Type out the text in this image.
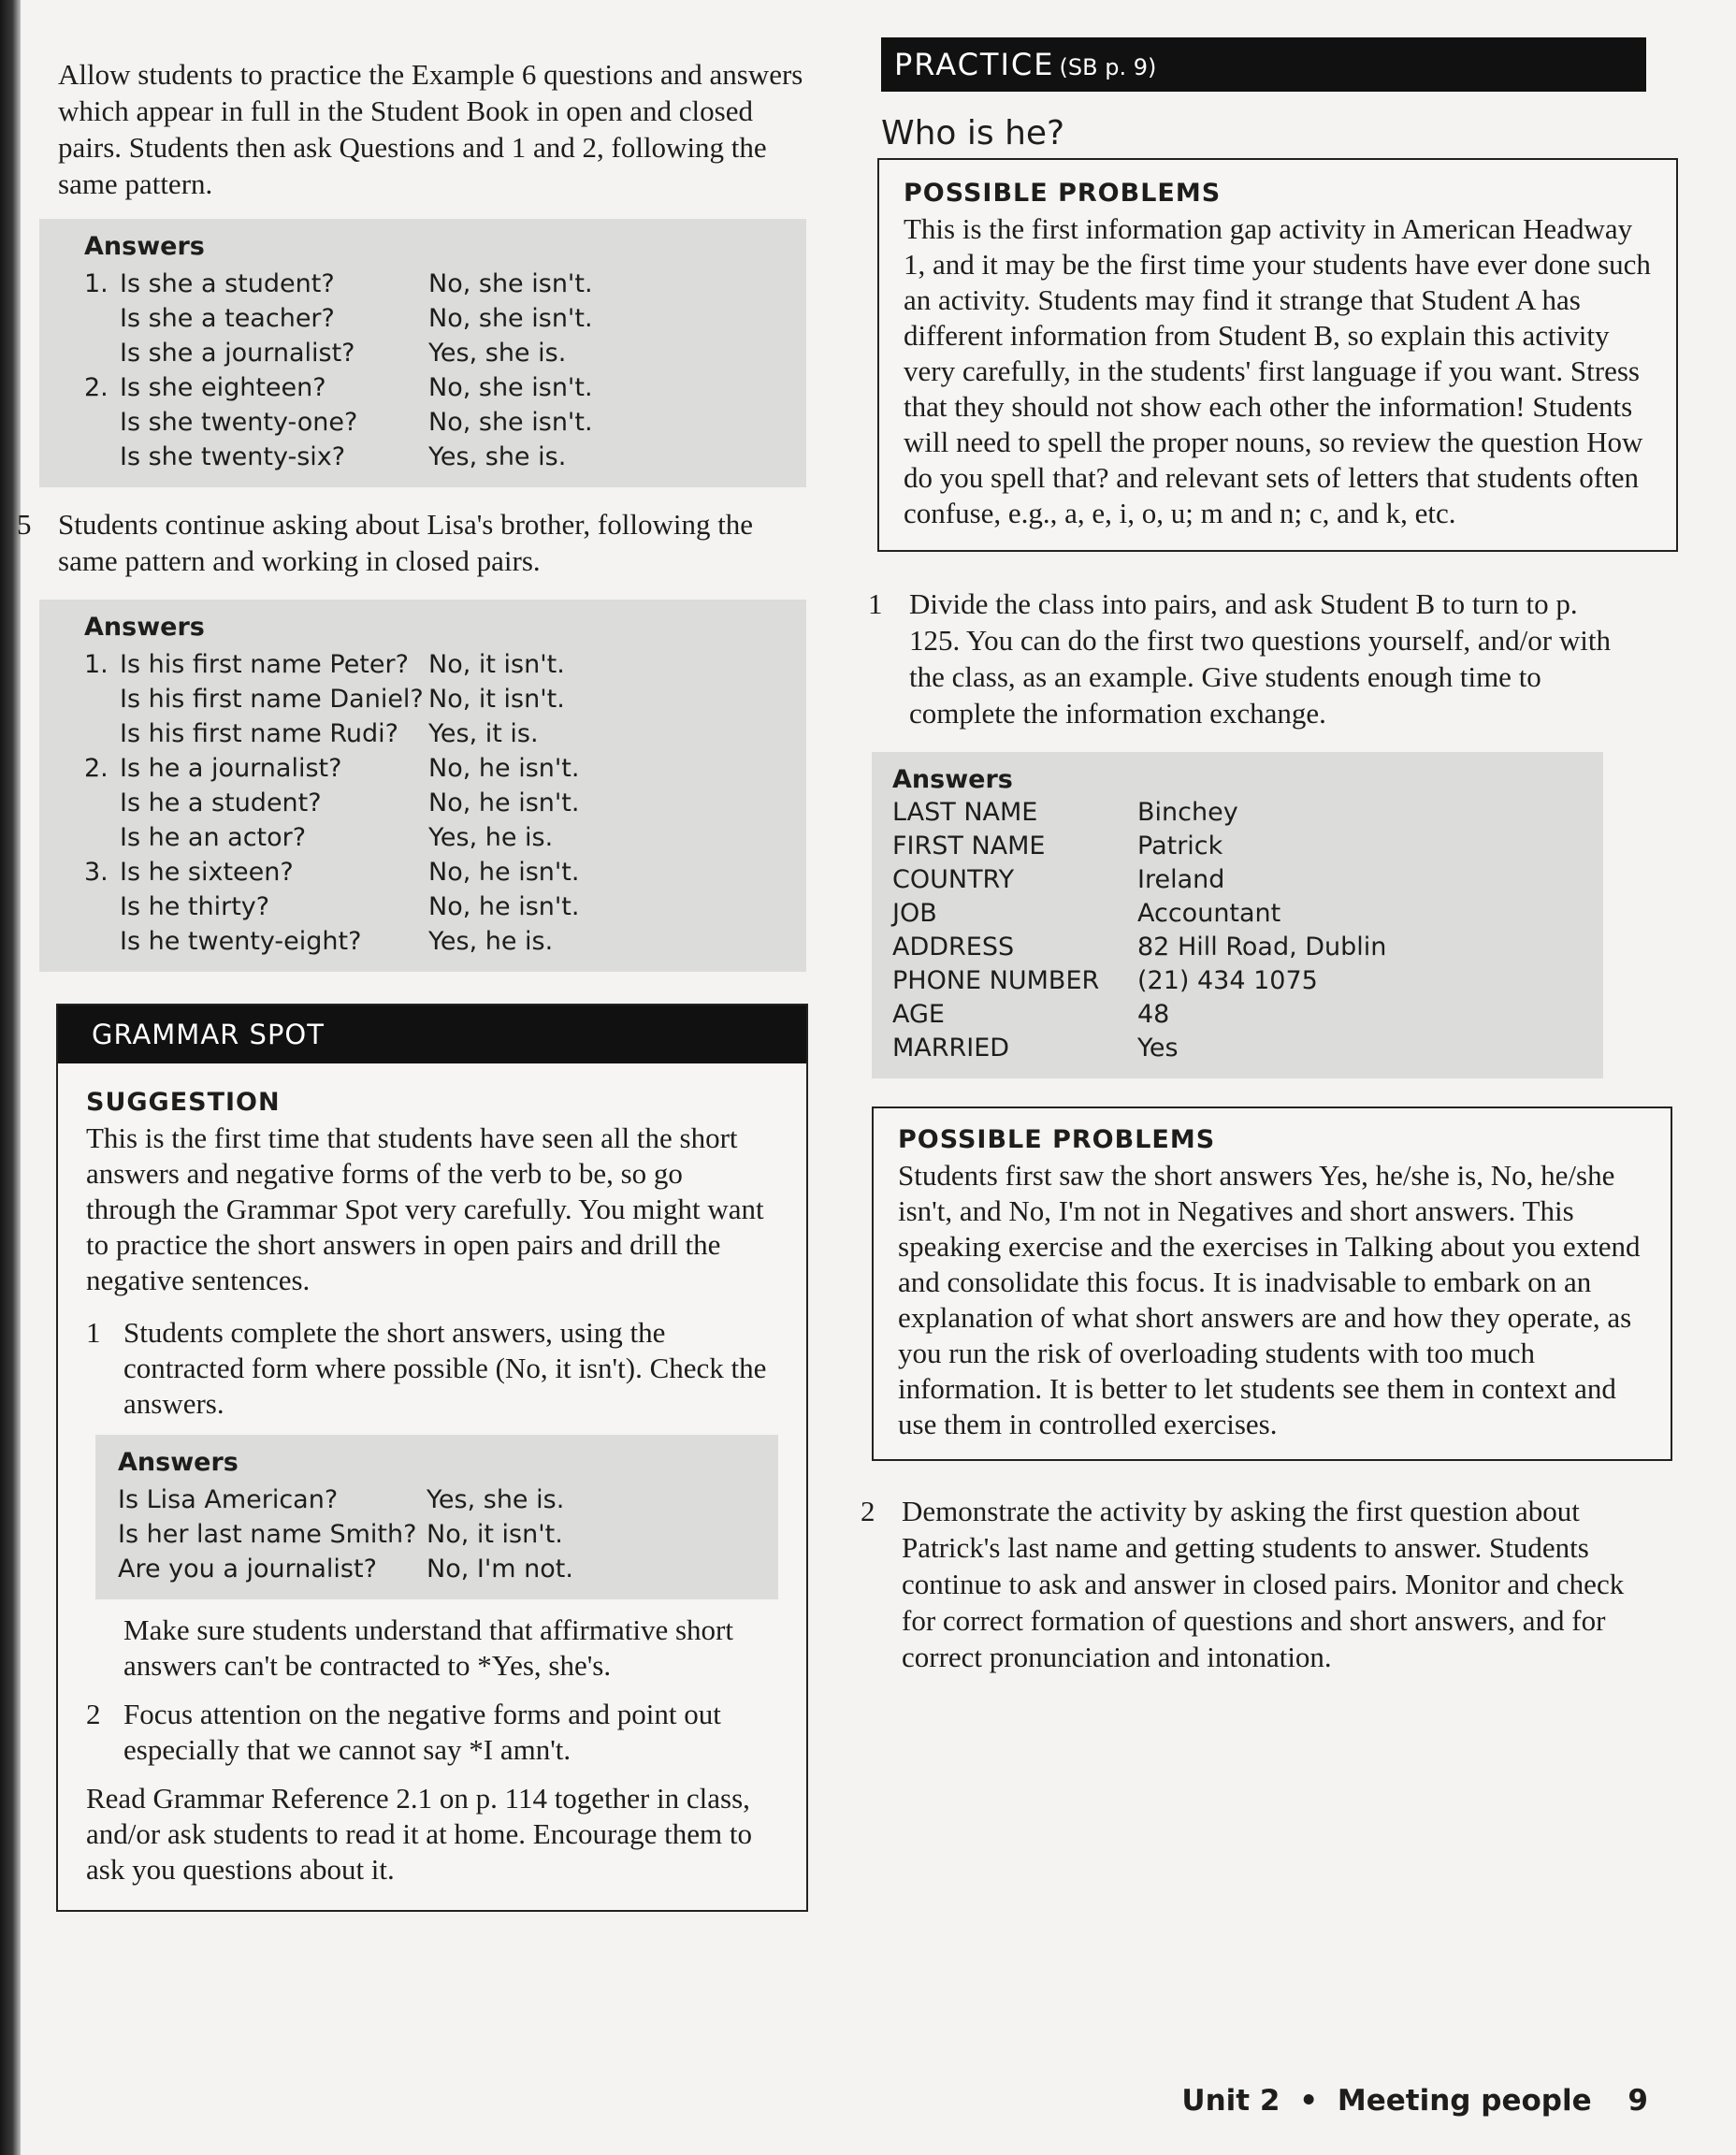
Allow students to practice the Example 6 questions and answers which appear in full in the Student Book in open and closed pairs. Students then ask Questions and 1 and 2, following the same pattern.

Answers

1.	Is she a student?	No, she isn't.
	Is she a teacher?	No, she isn't.
	Is she a journalist?	Yes, she is.
2.	Is she eighteen?	No, she isn't.
	Is she twenty-one?	No, she isn't.
	Is she twenty-six?	Yes, she is.

5 Students continue asking about Lisa's brother, following the same pattern and working in closed pairs.

Answers

1.	Is his first name Peter?	No, it isn't.
	Is his first name Daniel?	No, it isn't.
	Is his first name Rudi?	Yes, it is.
2.	Is he a journalist?	No, he isn't.
	Is he a student?	No, he isn't.
	Is he an actor?	Yes, he is.
3.	Is he sixteen?	No, he isn't.
	Is he thirty?	No, he isn't.
	Is he twenty-eight?	Yes, he is.
GRAMMAR SPOT

SUGGESTION

This is the first time that students have seen all the short answers and negative forms of the verb to be, so go through the Grammar Spot very carefully. You might want to practice the short answers in open pairs and drill the negative sentences.

1 Students complete the short answers, using the contracted form where possible (No, it isn't). Check the answers.

Answers

Is Lisa American?	Yes, she is.
Is her last name Smith?	No, it isn't.
Are you a journalist?	No, I'm not.

Make sure students understand that affirmative short answers can't be contracted to *Yes, she's.

2 Focus attention on the negative forms and point out especially that we cannot say *I amn't.

Read Grammar Reference 2.1 on p. 114 together in class, and/or ask students to read it at home. Encourage them to ask you questions about it.

PRACTICE (SB p. 9)

Who is he?

POSSIBLE PROBLEMS

This is the first information gap activity in American Headway 1, and it may be the first time your students have ever done such an activity. Students may find it strange that Student A has different information from Student B, so explain this activity very carefully, in the students' first language if you want. Stress that they should not show each other the information! Students will need to spell the proper nouns, so review the question How do you spell that? and relevant sets of letters that students often confuse, e.g., a, e, i, o, u; m and n; c, and k, etc.

1 Divide the class into pairs, and ask Student B to turn to p. 125. You can do the first two questions yourself, and/or with the class, as an example. Give students enough time to complete the information exchange.

Answers

LAST NAME	Binchey
FIRST NAME	Patrick
COUNTRY	Ireland
JOB	Accountant
ADDRESS	82 Hill Road, Dublin
PHONE NUMBER	(21) 434 1075
AGE	48
MARRIED	Yes

POSSIBLE PROBLEMS

Students first saw the short answers Yes, he/she is, No, he/she isn't, and No, I'm not in Negatives and short answers. This speaking exercise and the exercises in Talking about you extend and consolidate this focus. It is inadvisable to embark on an explanation of what short answers are and how they operate, as you run the risk of overloading students with too much information. It is better to let students see them in context and use them in controlled exercises.

2 Demonstrate the activity by asking the first question about Patrick's last name and getting students to answer. Students continue to ask and answer in closed pairs. Monitor and check for correct formation of questions and short answers, and for correct pronunciation and intonation.

Unit 2 • Meeting people 9
